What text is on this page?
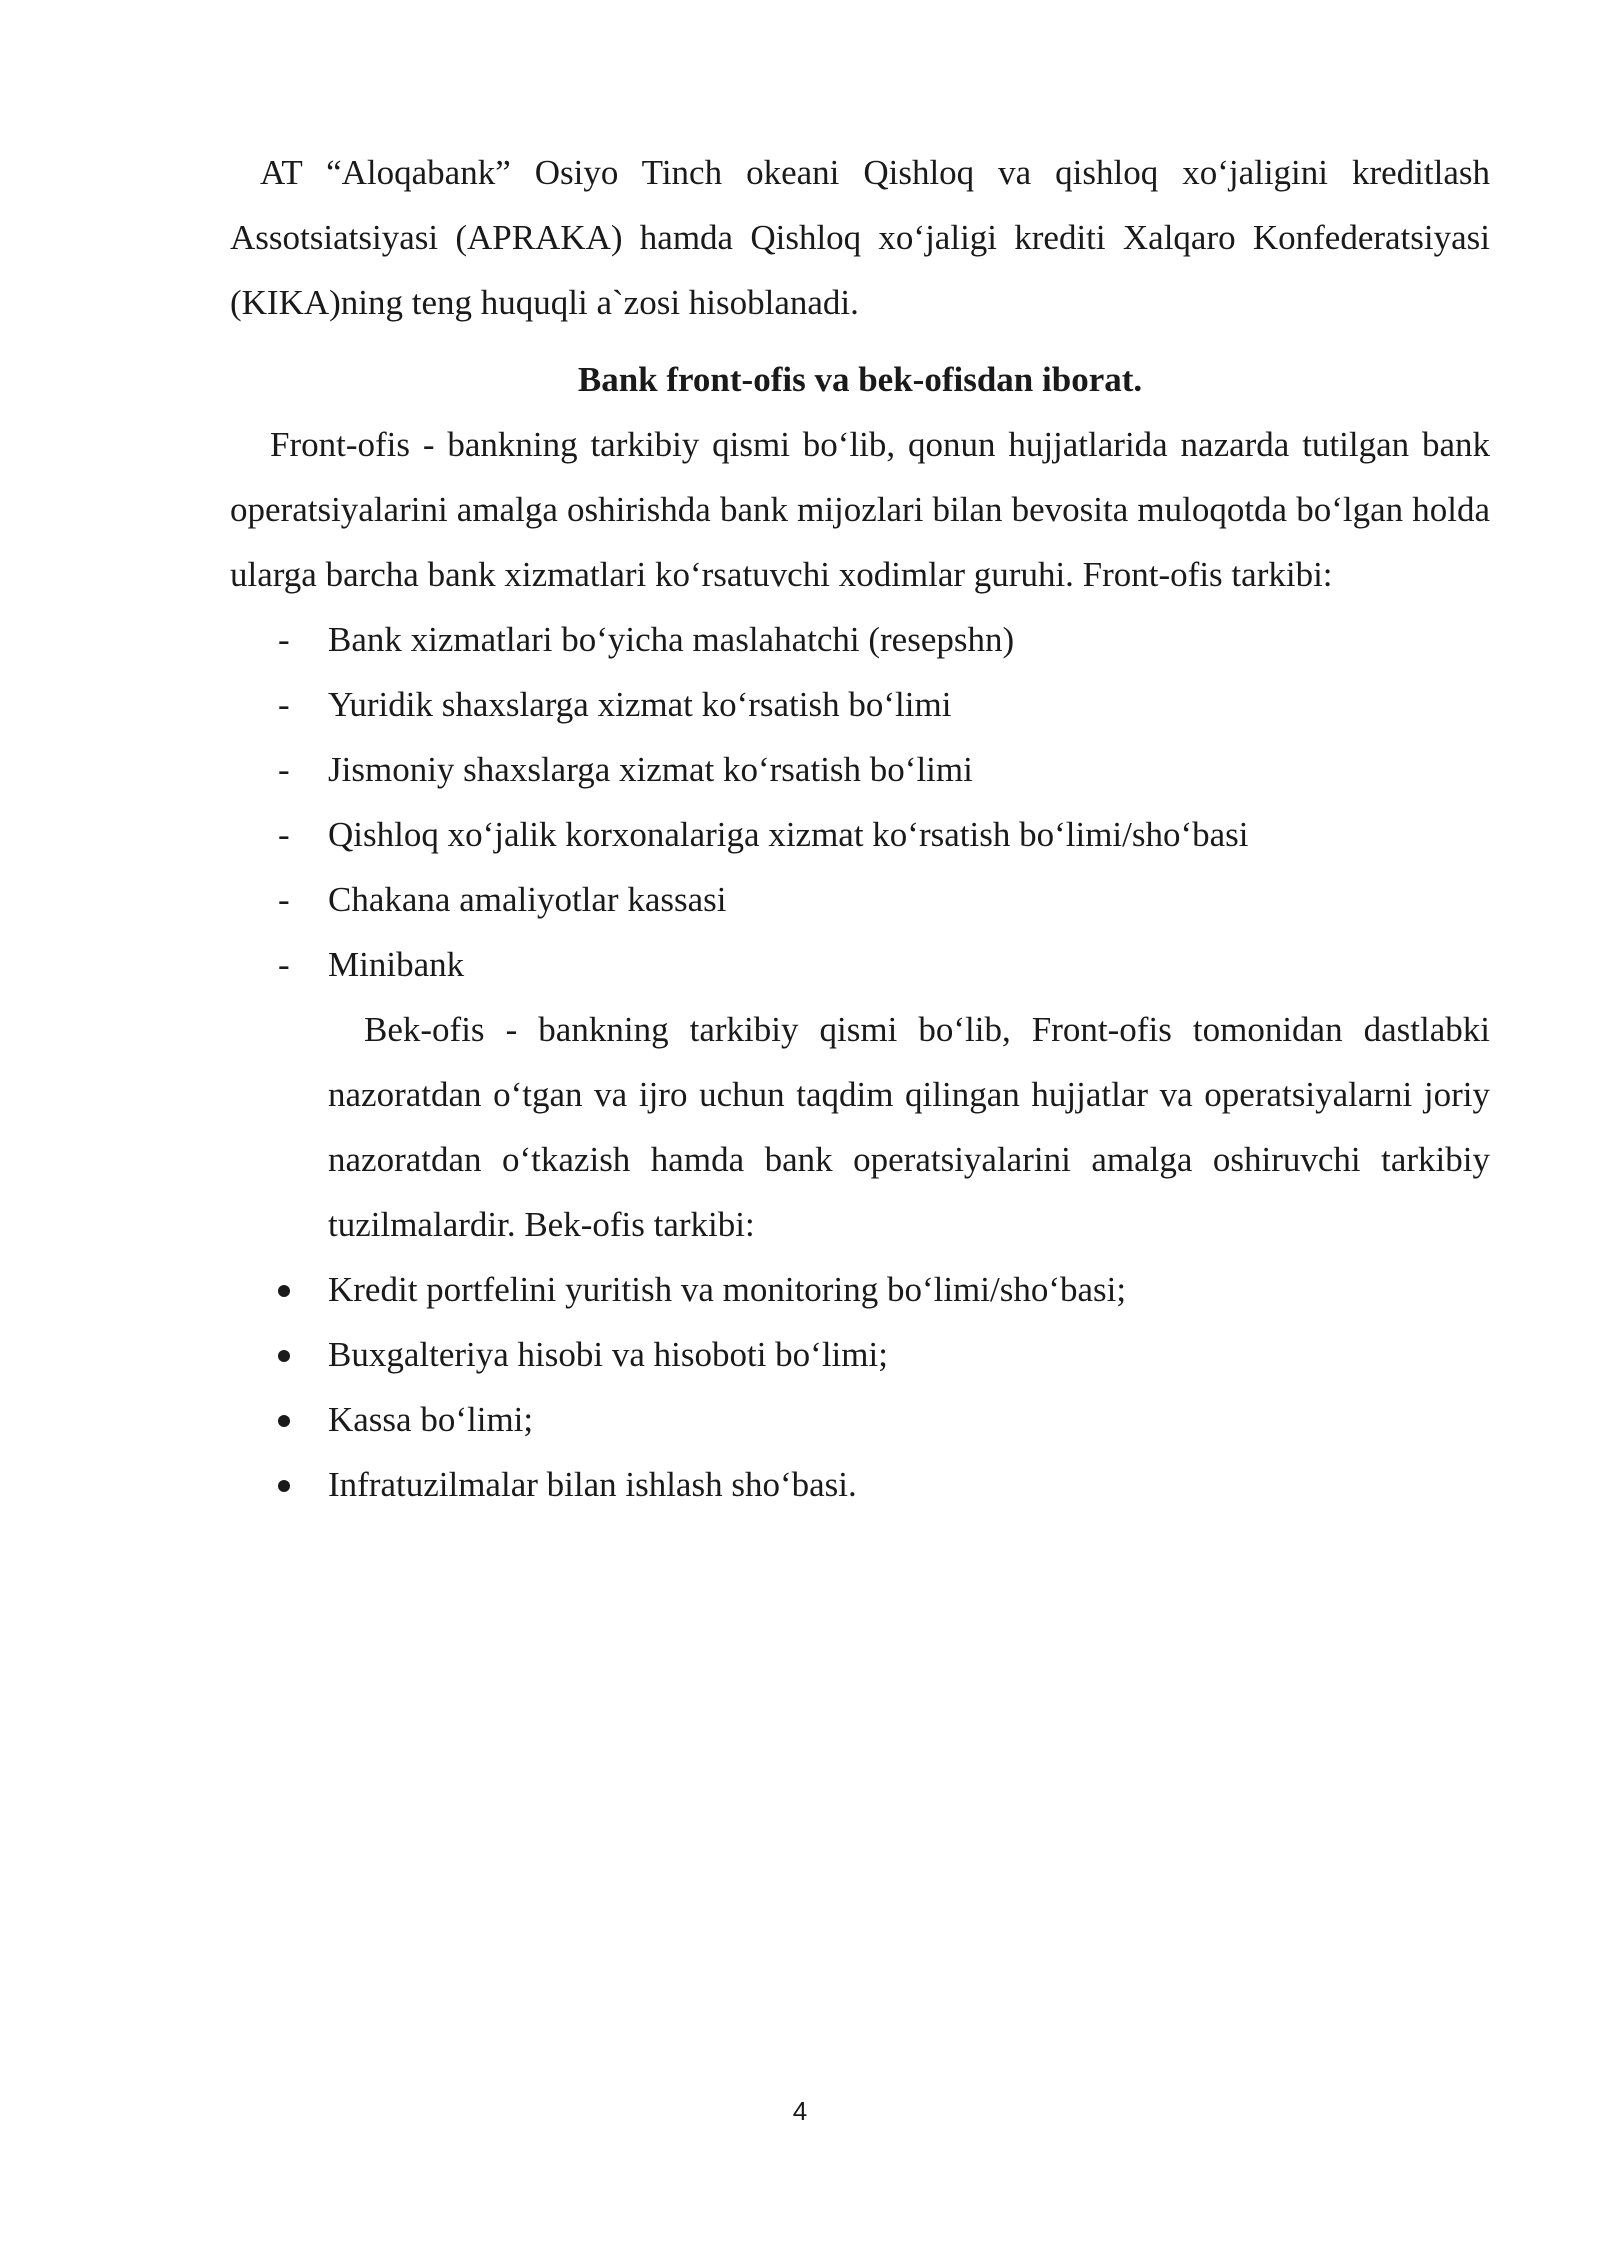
AT “Aloqabank” Osiyo Tinch okeani Qishloq va qishloq xo‘jaligini kreditlash Assotsiatsiyasi (APRAKA) hamda Qishloq xo‘jaligi krediti Xalqaro Konfederatsiyasi (KIKA)ning teng huquqli a`zosi hisoblanadi.

Bank front-ofis va bek-ofisdan iborat.

Front-ofis - bankning tarkibiy qismi bo‘lib, qonun hujjatlarida nazarda tutilgan bank operatsiyalarini amalga oshirishda bank mijozlari bilan bevosita muloqotda bo‘lgan holda ularga barcha bank xizmatlari ko‘rsatuvchi xodimlar guruhi. Front-ofis tarkibi:

-	Bank xizmatlari bo‘yicha maslahatchi (resepshn)
-	Yuridik shaxslarga xizmat ko‘rsatish bo‘limi
-	Jismoniy shaxslarga xizmat ko‘rsatish bo‘limi
-	Qishloq xo‘jalik korxonalariga xizmat ko‘rsatish bo‘limi/sho‘basi
-	Chakana amaliyotlar kassasi
-	Minibank

Bek-ofis - bankning tarkibiy qismi bo‘lib, Front-ofis tomonidan dastlabki nazoratdan o‘tgan va ijro uchun taqdim qilingan hujjatlar va operatsiyalarni joriy nazoratdan o‘tkazish hamda bank operatsiyalarini amalga oshiruvchi tarkibiy tuzilmalardir. Bek-ofis tarkibi:

Kredit portfelini yuritish va monitoring bo‘limi/sho‘basi;
Buxgalteriya hisobi va hisoboti bo‘limi;
Kassa bo‘limi;
Infratuzilmalar bilan ishlash sho‘basi.
4
